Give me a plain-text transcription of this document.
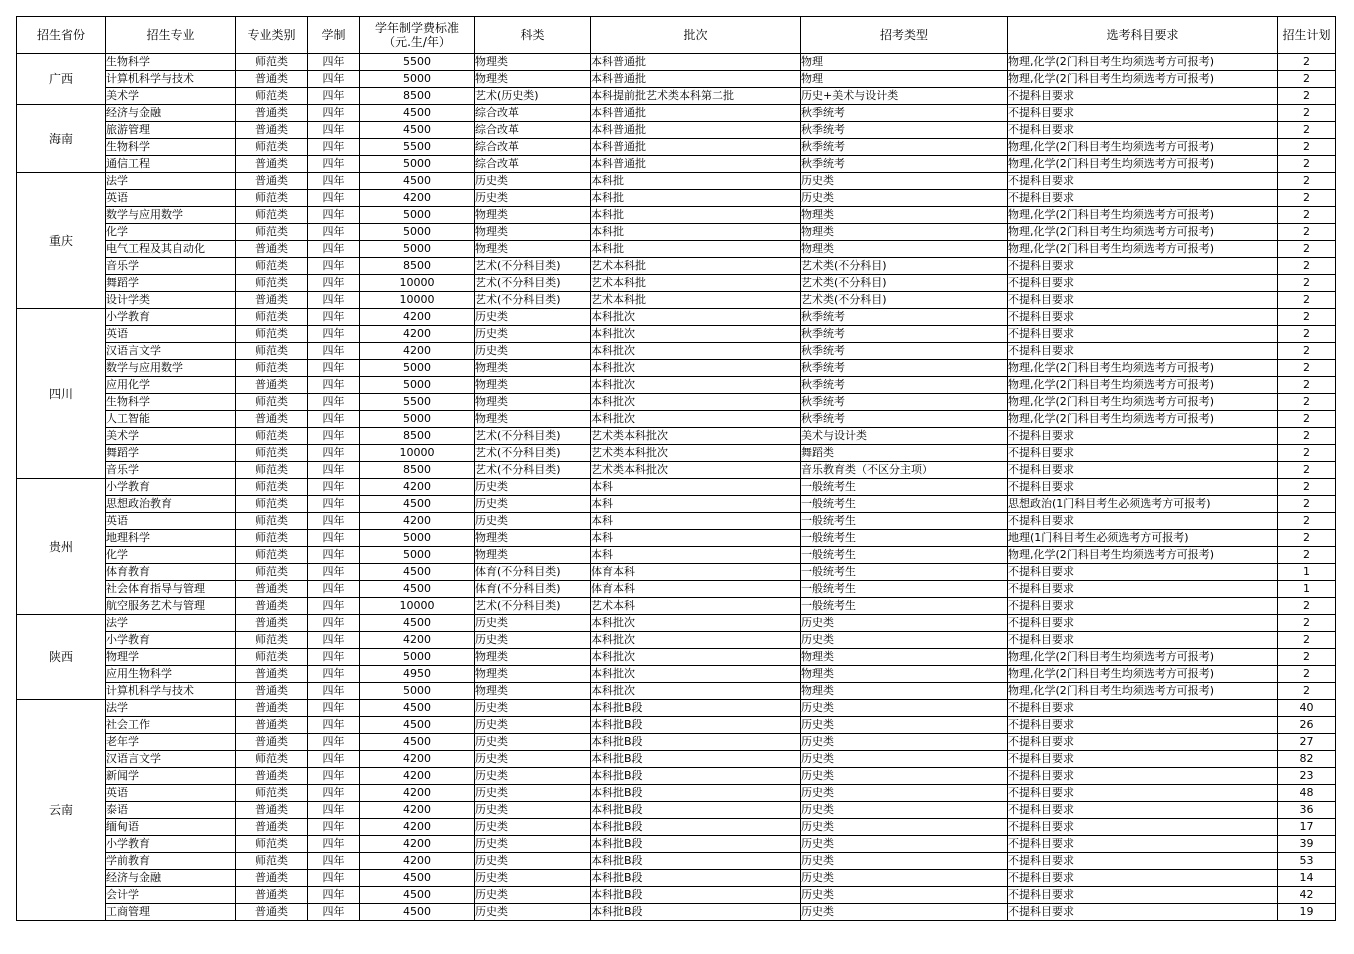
招生省份	招生专业	专业类别	学制	学年制学费标准
（元.生/年）	科类	批次	招考类型	选考科目要求	招生计划
广西	生物科学	师范类	四年	5500	物理类	本科普通批	物理	物理,化学(2门科目考生均须选考方可报考)	2
	计算机科学与技术	普通类	四年	5000	物理类	本科普通批	物理	物理,化学(2门科目考生均须选考方可报考)	2
	美术学	师范类	四年	8500	艺术(历史类)	本科提前批艺术类本科第二批	历史+美术与设计类	不提科目要求	2
海南	经济与金融	普通类	四年	4500	综合改革	本科普通批	秋季统考	不提科目要求	2
	旅游管理	普通类	四年	4500	综合改革	本科普通批	秋季统考	不提科目要求	2
	生物科学	师范类	四年	5500	综合改革	本科普通批	秋季统考	物理,化学(2门科目考生均须选考方可报考)	2
	通信工程	普通类	四年	5000	综合改革	本科普通批	秋季统考	物理,化学(2门科目考生均须选考方可报考)	2
重庆	法学	普通类	四年	4500	历史类	本科批	历史类	不提科目要求	2
	英语	师范类	四年	4200	历史类	本科批	历史类	不提科目要求	2
	数学与应用数学	师范类	四年	5000	物理类	本科批	物理类	物理,化学(2门科目考生均须选考方可报考)	2
	化学	师范类	四年	5000	物理类	本科批	物理类	物理,化学(2门科目考生均须选考方可报考)	2
	电气工程及其自动化	普通类	四年	5000	物理类	本科批	物理类	物理,化学(2门科目考生均须选考方可报考)	2
	音乐学	师范类	四年	8500	艺术(不分科目类)	艺术本科批	艺术类(不分科目)	不提科目要求	2
	舞蹈学	师范类	四年	10000	艺术(不分科目类)	艺术本科批	艺术类(不分科目)	不提科目要求	2
	设计学类	普通类	四年	10000	艺术(不分科目类)	艺术本科批	艺术类(不分科目)	不提科目要求	2
四川	小学教育	师范类	四年	4200	历史类	本科批次	秋季统考	不提科目要求	2
	英语	师范类	四年	4200	历史类	本科批次	秋季统考	不提科目要求	2
	汉语言文学	师范类	四年	4200	历史类	本科批次	秋季统考	不提科目要求	2
	数学与应用数学	师范类	四年	5000	物理类	本科批次	秋季统考	物理,化学(2门科目考生均须选考方可报考)	2
	应用化学	普通类	四年	5000	物理类	本科批次	秋季统考	物理,化学(2门科目考生均须选考方可报考)	2
	生物科学	师范类	四年	5500	物理类	本科批次	秋季统考	物理,化学(2门科目考生均须选考方可报考)	2
	人工智能	普通类	四年	5000	物理类	本科批次	秋季统考	物理,化学(2门科目考生均须选考方可报考)	2
	美术学	师范类	四年	8500	艺术(不分科目类)	艺术类本科批次	美术与设计类	不提科目要求	2
	舞蹈学	师范类	四年	10000	艺术(不分科目类)	艺术类本科批次	舞蹈类	不提科目要求	2
	音乐学	师范类	四年	8500	艺术(不分科目类)	艺术类本科批次	音乐教育类（不区分主项）	不提科目要求	2
贵州	小学教育	师范类	四年	4200	历史类	本科	一般统考生	不提科目要求	2
	思想政治教育	师范类	四年	4500	历史类	本科	一般统考生	思想政治(1门科目考生必须选考方可报考)	2
	英语	师范类	四年	4200	历史类	本科	一般统考生	不提科目要求	2
	地理科学	师范类	四年	5000	物理类	本科	一般统考生	地理(1门科目考生必须选考方可报考)	2
	化学	师范类	四年	5000	物理类	本科	一般统考生	物理,化学(2门科目考生均须选考方可报考)	2
	体育教育	师范类	四年	4500	体育(不分科目类)	体育本科	一般统考生	不提科目要求	1
	社会体育指导与管理	普通类	四年	4500	体育(不分科目类)	体育本科	一般统考生	不提科目要求	1
	航空服务艺术与管理	普通类	四年	10000	艺术(不分科目类)	艺术本科	一般统考生	不提科目要求	2
陕西	法学	普通类	四年	4500	历史类	本科批次	历史类	不提科目要求	2
	小学教育	师范类	四年	4200	历史类	本科批次	历史类	不提科目要求	2
	物理学	师范类	四年	5000	物理类	本科批次	物理类	物理,化学(2门科目考生均须选考方可报考)	2
	应用生物科学	普通类	四年	4950	物理类	本科批次	物理类	物理,化学(2门科目考生均须选考方可报考)	2
	计算机科学与技术	普通类	四年	5000	物理类	本科批次	物理类	物理,化学(2门科目考生均须选考方可报考)	2
云南	法学	普通类	四年	4500	历史类	本科批B段	历史类	不提科目要求	40
	社会工作	普通类	四年	4500	历史类	本科批B段	历史类	不提科目要求	26
	老年学	普通类	四年	4500	历史类	本科批B段	历史类	不提科目要求	27
	汉语言文学	师范类	四年	4200	历史类	本科批B段	历史类	不提科目要求	82
	新闻学	普通类	四年	4200	历史类	本科批B段	历史类	不提科目要求	23
	英语	师范类	四年	4200	历史类	本科批B段	历史类	不提科目要求	48
	泰语	普通类	四年	4200	历史类	本科批B段	历史类	不提科目要求	36
	缅甸语	普通类	四年	4200	历史类	本科批B段	历史类	不提科目要求	17
	小学教育	师范类	四年	4200	历史类	本科批B段	历史类	不提科目要求	39
	学前教育	师范类	四年	4200	历史类	本科批B段	历史类	不提科目要求	53
	经济与金融	普通类	四年	4500	历史类	本科批B段	历史类	不提科目要求	14
	会计学	普通类	四年	4500	历史类	本科批B段	历史类	不提科目要求	42
	工商管理	普通类	四年	4500	历史类	本科批B段	历史类	不提科目要求	19
